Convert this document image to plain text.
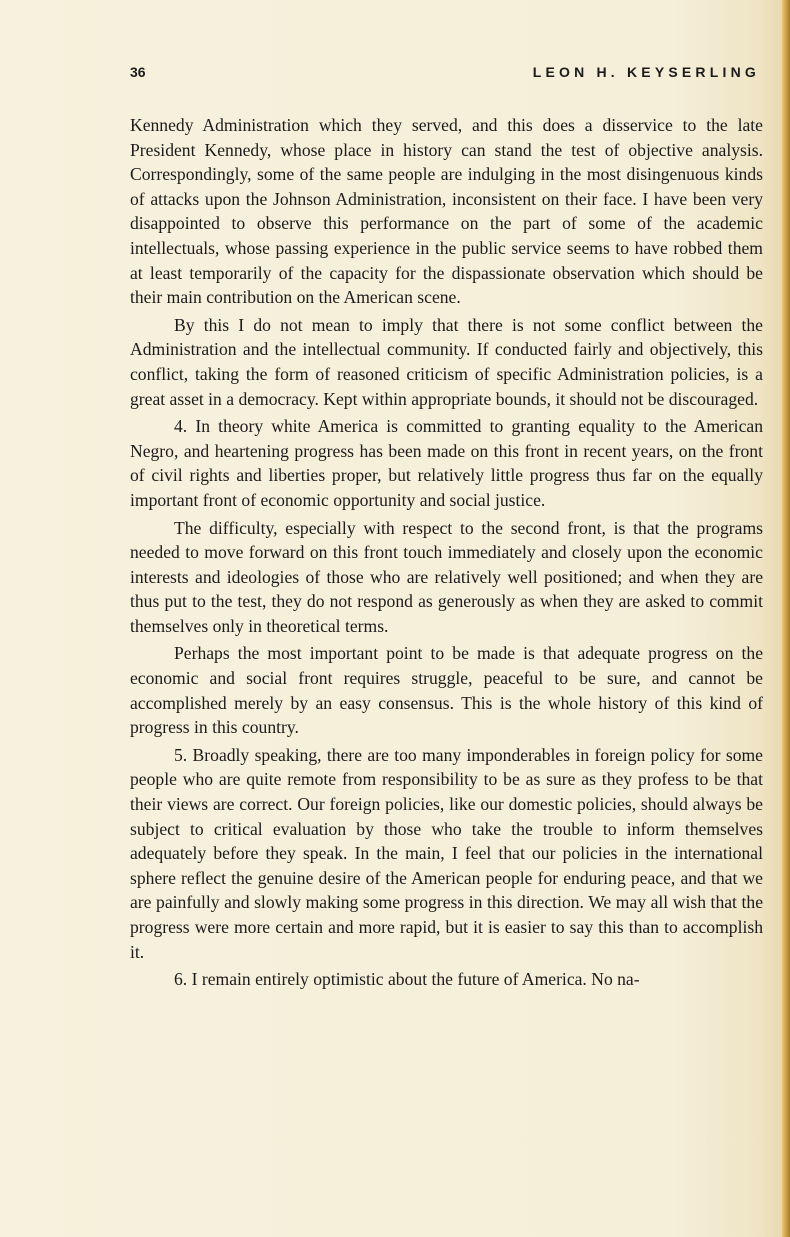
36	LEON H. KEYSERLING

Kennedy Administration which they served, and this does a disservice to the late President Kennedy, whose place in history can stand the test of objective analysis. Correspondingly, some of the same people are indulging in the most disingenuous kinds of attacks upon the Johnson Administration, inconsistent on their face. I have been very disappointed to observe this performance on the part of some of the academic intellectuals, whose passing experience in the public service seems to have robbed them at least temporarily of the capacity for the dispassionate observation which should be their main contribution on the American scene.

By this I do not mean to imply that there is not some conflict between the Administration and the intellectual community. If conducted fairly and objectively, this conflict, taking the form of reasoned criticism of specific Administration policies, is a great asset in a democracy. Kept within appropriate bounds, it should not be discouraged.

4. In theory white America is committed to granting equality to the American Negro, and heartening progress has been made on this front in recent years, on the front of civil rights and liberties proper, but relatively little progress thus far on the equally important front of economic opportunity and social justice.

The difficulty, especially with respect to the second front, is that the programs needed to move forward on this front touch immediately and closely upon the economic interests and ideologies of those who are relatively well positioned; and when they are thus put to the test, they do not respond as generously as when they are asked to commit themselves only in theoretical terms.

Perhaps the most important point to be made is that adequate progress on the economic and social front requires struggle, peaceful to be sure, and cannot be accomplished merely by an easy consensus. This is the whole history of this kind of progress in this country.

5. Broadly speaking, there are too many imponderables in foreign policy for some people who are quite remote from responsibility to be as sure as they profess to be that their views are correct. Our foreign policies, like our domestic policies, should always be subject to critical evaluation by those who take the trouble to inform themselves adequately before they speak. In the main, I feel that our policies in the international sphere reflect the genuine desire of the American people for enduring peace, and that we are painfully and slowly making some progress in this direction. We may all wish that the progress were more certain and more rapid, but it is easier to say this than to accomplish it.

6. I remain entirely optimistic about the future of America. No na-
